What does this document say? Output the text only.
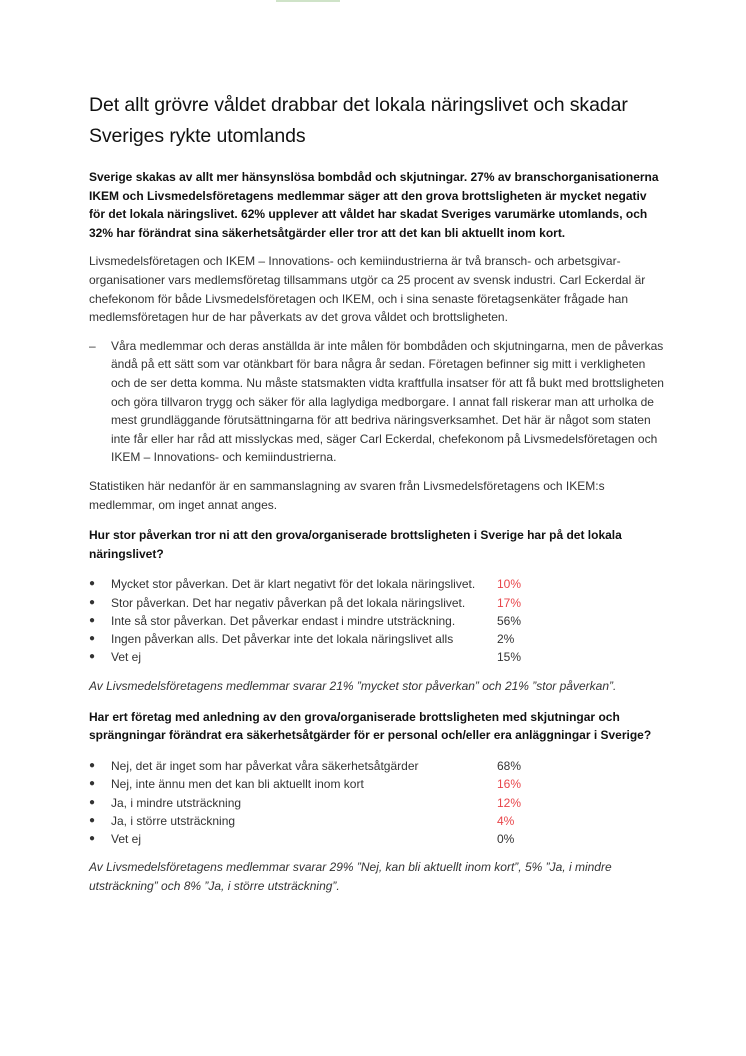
Det allt grövre våldet drabbar det lokala näringslivet och skadar Sveriges rykte utomlands

Sverige skakas av allt mer hänsynslösa bombdåd och skjutningar. 27% av branschorganisationerna IKEM och Livsmedelsföretagens medlemmar säger att den grova brottsligheten är mycket negativ för det lokala näringslivet. 62% upplever att våldet har skadat Sveriges varumärke utomlands, och 32% har förändrat sina säkerhetsåtgärder eller tror att det kan bli aktuellt inom kort.

Livsmedelsföretagen och IKEM – Innovations- och kemiindustrierna är två bransch- och arbetsgivar-organisationer vars medlemsföretag tillsammans utgör ca 25 procent av svensk industri. Carl Eckerdal är chefekonom för både Livsmedelsföretagen och IKEM, och i sina senaste företagsenkäter frågade han medlemsföretagen hur de har påverkats av det grova våldet och brottsligheten.

–	Våra medlemmar och deras anställda är inte målen för bombdåden och skjutningarna, men de påverkas ändå på ett sätt som var otänkbart för bara några år sedan. Företagen befinner sig mitt i verkligheten och de ser detta komma. Nu måste statsmakten vidta kraftfulla insatser för att få bukt med brottsligheten och göra tillvaron trygg och säker för alla laglydiga medborgare. I annat fall riskerar man att urholka de mest grundläggande förutsättningarna för att bedriva näringsverksamhet. Det här är något som staten inte får eller har råd att misslyckas med, säger Carl Eckerdal, chefekonom på Livsmedelsföretagen och IKEM – Innovations- och kemiindustrierna.

Statistiken här nedanför är en sammanslagning av svaren från Livsmedelsföretagens och IKEM:s medlemmar, om inget annat anges.

Hur stor påverkan tror ni att den grova/organiserade brottsligheten i Sverige har på det lokala näringslivet?

●	Mycket stor påverkan. Det är klart negativt för det lokala näringslivet.	10%
●	Stor påverkan. Det har negativ påverkan på det lokala näringslivet.	17%
●	Inte så stor påverkan. Det påverkar endast i mindre utsträckning.	56%
●	Ingen påverkan alls. Det påverkar inte det lokala näringslivet alls	2%
●	Vet ej	15%

Av Livsmedelsföretagens medlemmar svarar 21% ”mycket stor påverkan” och 21% ”stor påverkan”.

Har ert företag med anledning av den grova/organiserade brottsligheten med skjutningar och sprängningar förändrat era säkerhetsåtgärder för er personal och/eller era anläggningar i Sverige?

●	Nej, det är inget som har påverkat våra säkerhetsåtgärder	68%
●	Nej, inte ännu men det kan bli aktuellt inom kort	16%
●	Ja, i mindre utsträckning	12%
●	Ja, i större utsträckning	4%
●	Vet ej	0%

Av Livsmedelsföretagens medlemmar svarar 29% ”Nej, kan bli aktuellt inom kort”, 5% ”Ja, i mindre utsträckning” och 8% ”Ja, i större utsträckning”.
